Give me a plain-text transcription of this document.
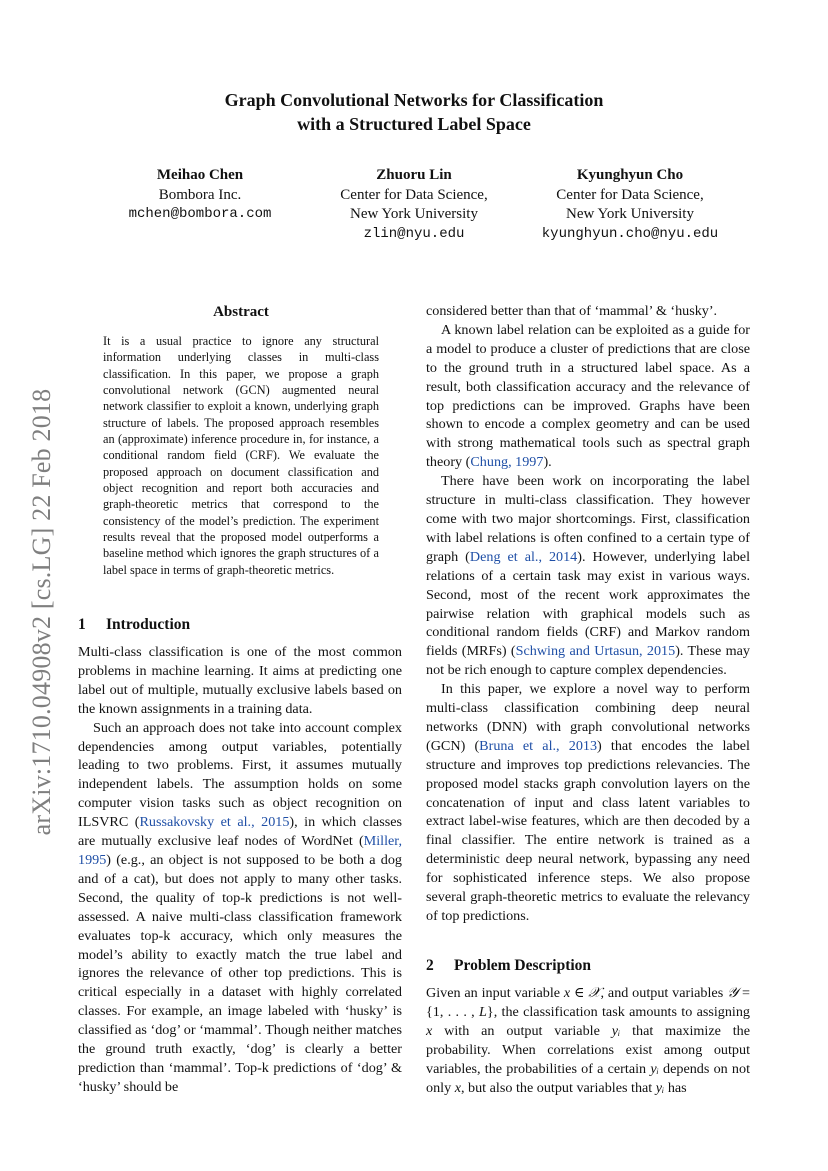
Graph Convolutional Networks for Classification
with a Structured Label Space
Meihao Chen
Bombora Inc.
mchen@bombora.com
Zhuoru Lin
Center for Data Science,
New York University
zlin@nyu.edu
Kyunghyun Cho
Center for Data Science,
New York University
kyunghyun.cho@nyu.edu
arXiv:1710.04908v2 [cs.LG] 22 Feb 2018
Abstract
It is a usual practice to ignore any structural information underlying classes in multi-class classification. In this paper, we propose a graph convolutional network (GCN) augmented neural network classifier to exploit a known, underlying graph structure of labels. The proposed approach resembles an (approximate) inference procedure in, for instance, a conditional random field (CRF). We evaluate the proposed approach on document classification and object recognition and report both accuracies and graph-theoretic metrics that correspond to the consistency of the model’s prediction. The experiment results reveal that the proposed model outperforms a baseline method which ignores the graph structures of a label space in terms of graph-theoretic metrics.
1 Introduction

Multi-class classification is one of the most common problems in machine learning. It aims at predicting one label out of multiple, mutually exclusive labels based on the known assignments in a training data.

Such an approach does not take into account complex dependencies among output variables, potentially leading to two problems. First, it assumes mutually independent labels. The assumption holds on some computer vision tasks such as object recognition on ILSVRC (Russakovsky et al., 2015), in which classes are mutually exclusive leaf nodes of WordNet (Miller, 1995) (e.g., an object is not supposed to be both a dog and of a cat), but does not apply to many other tasks. Second, the quality of top-k predictions is not well-assessed. A naive multi-class classification framework evaluates top-k accuracy, which only measures the model’s ability to exactly match the true label and ignores the relevance of other top predictions. This is critical especially in a dataset with highly correlated classes. For example, an image labeled with ‘husky’ is classified as ‘dog’ or ‘mammal’. Though neither matches the ground truth exactly, ‘dog’ is clearly a better prediction than ‘mammal’. Top-k predictions of ‘dog’ & ‘husky’ should be

considered better than that of ‘mammal’ & ‘husky’.

A known label relation can be exploited as a guide for a model to produce a cluster of predictions that are close to the ground truth in a structured label space. As a result, both classification accuracy and the relevance of top predictions can be improved. Graphs have been shown to encode a complex geometry and can be used with strong mathematical tools such as spectral graph theory (Chung, 1997).

There have been work on incorporating the label structure in multi-class classification. They however come with two major shortcomings. First, classification with label relations is often confined to a certain type of graph (Deng et al., 2014). However, underlying label relations of a certain task may exist in various ways. Second, most of the recent work approximates the pairwise relation with graphical models such as conditional random fields (CRF) and Markov random fields (MRFs) (Schwing and Urtasun, 2015). These may not be rich enough to capture complex dependencies.

In this paper, we explore a novel way to perform multi-class classification combining deep neural networks (DNN) with graph convolutional networks (GCN) (Bruna et al., 2013) that encodes the label structure and improves top predictions relevancies. The proposed model stacks graph convolution layers on the concatenation of input and class latent variables to extract label-wise features, which are then decoded by a final classifier. The entire network is trained as a deterministic deep neural network, bypassing any need for sophisticated inference steps. We also propose several graph-theoretic metrics to evaluate the relevancy of top predictions.

2 Problem Description

Given an input variable x ∈ 𝒳, and output variables 𝒴 = {1, . . . , L}, the classification task amounts to assigning x with an output variable yᵢ that maximize the probability. When correlations exist among output variables, the probabilities of a certain yᵢ depends on not only x, but also the output variables that yᵢ has
